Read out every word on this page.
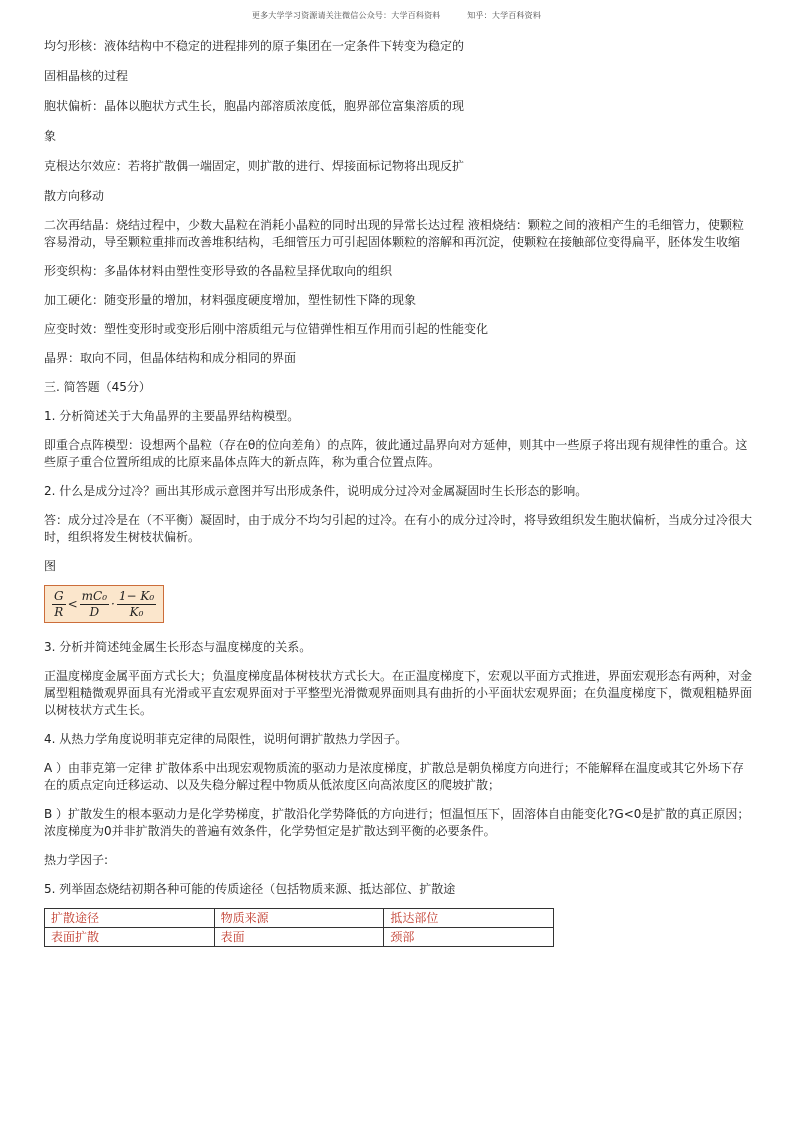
更多大学学习资源请关注微信公众号：大学百科资料	知乎：大学百科资料

均匀形核：液体结构中不稳定的进程排列的原子集团在一定条件下转变为稳定的

固相晶核的过程

胞状偏析：晶体以胞状方式生长，胞晶内部溶质浓度低，胞界部位富集溶质的现

象

克根达尔效应：若将扩散偶一端固定，则扩散的进行、焊接面标记物将出现反扩

散方向移动

二次再结晶：烧结过程中，少数大晶粒在消耗小晶粒的同时出现的异常长达过程 液相烧结：颗粒之间的液相产生的毛细管力，使颗粒容易滑动，导至颗粒重排而改善堆积结构，毛细管压力可引起固体颗粒的溶解和再沉淀，使颗粒在接触部位变得扁平，胚体发生收缩

形变织构：多晶体材料由塑性变形导致的各晶粒呈择优取向的组织

加工硬化：随变形量的增加，材料强度硬度增加，塑性韧性下降的现象

应变时效：塑性变形时或变形后刚中溶质组元与位错弹性相互作用而引起的性能变化

晶界：取向不同，但晶体结构和成分相同的界面

三. 简答题（45分）

1. 分析简述关于大角晶界的主要晶界结构模型。

即重合点阵模型：设想两个晶粒（存在θ的位向差角）的点阵，彼此通过晶界向对方延伸，则其中一些原子将出现有规律性的重合。这些原子重合位置所组成的比原来晶体点阵大的新点阵，称为重合位置点阵。

2. 什么是成分过冷？画出其形成示意图并写出形成条件，说明成分过冷对金属凝固时生长形态的影响。

答：成分过冷是在（不平衡）凝固时，由于成分不均匀引起的过冷。在有小的成分过冷时，将导致组织发生胞状偏析，当成分过冷很大时，组织将发生树枝状偏析。

图

G
R
	<	
mC₀
D
	·	
1− K₀
K₀

3. 分析并简述纯金属生长形态与温度梯度的关系。

正温度梯度金属平面方式长大；负温度梯度晶体树枝状方式长大。在正温度梯度下，宏观以平面方式推进，界面宏观形态有两种，对金属型粗糙微观界面具有光滑或平直宏观界面对于平整型光滑微观界面则具有曲折的小平面状宏观界面；在负温度梯度下，微观粗糙界面以树枝状方式生长。

4. 从热力学角度说明菲克定律的局限性，说明何谓扩散热力学因子。

A ）由菲克第一定律 扩散体系中出现宏观物质流的驱动力是浓度梯度，扩散总是朝负梯度方向进行；不能解释在温度或其它外场下存在的质点定向迁移运动、以及失稳分解过程中物质从低浓度区向高浓度区的爬坡扩散；

B ）扩散发生的根本驱动力是化学势梯度，扩散沿化学势降低的方向进行；恒温恒压下，固溶体自由能变化?G<0是扩散的真正原因；浓度梯度为0并非扩散消失的普遍有效条件，化学势恒定是扩散达到平衡的必要条件。

热力学因子:

5. 列举固态烧结初期各种可能的传质途径（包括物质来源、抵达部位、扩散途

扩散途径	物质来源	抵达部位
表面扩散	表面	颈部
